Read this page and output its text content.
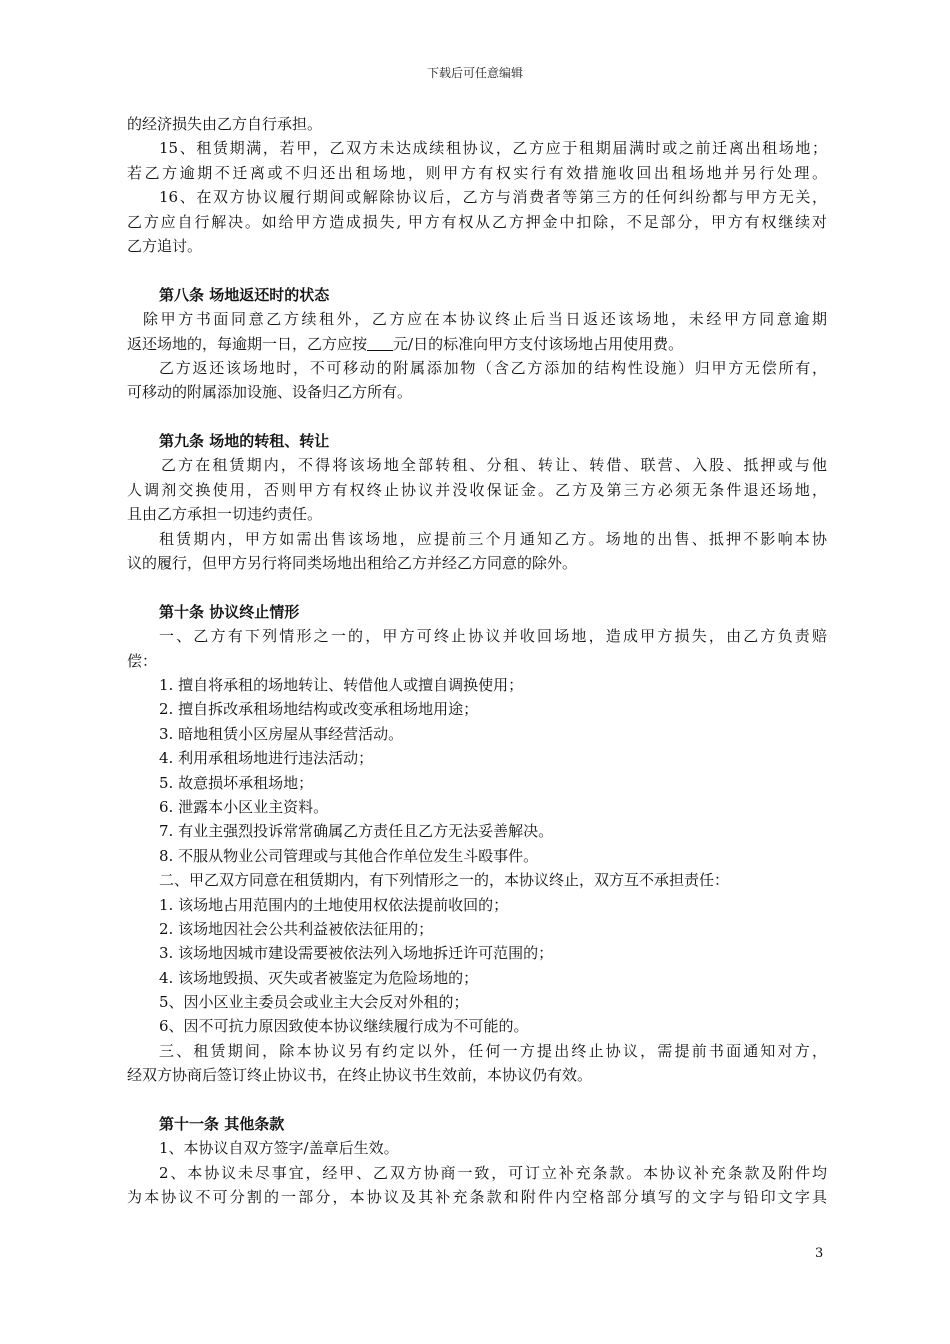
下载后可任意编辑
的经济损失由乙方自行承担。
15、租赁期满，若甲，乙双方未达成续租协议，乙方应于租期届满时或之前迁离出租场地；
若乙方逾期不迁离或不归还出租场地，则甲方有权实行有效措施收回出租场地并另行处理。
16、在双方协议履行期间或解除协议后，乙方与消费者等第三方的任何纠纷都与甲方无关，
乙方应自行解决。如给甲方造成损失, 甲方有权从乙方押金中扣除，不足部分，甲方有权继续对
乙方追讨。
第八条 场地返还时的状态
除甲方书面同意乙方续租外，乙方应在本协议终止后当日返还该场地，未经甲方同意逾期
返还场地的，每逾期一日，乙方应按 元/日的标准向甲方支付该场地占用使用费。
乙方返还该场地时，不可移动的附属添加物（含乙方添加的结构性设施）归甲方无偿所有，
可移动的附属添加设施、设备归乙方所有。
第九条 场地的转租、转让
乙方在租赁期内，不得将该场地全部转租、分租、转让、转借、联营、入股、抵押或与他
人调剂交换使用，否则甲方有权终止协议并没收保证金。乙方及第三方必须无条件退还场地，
且由乙方承担一切违约责任。
租赁期内，甲方如需出售该场地，应提前三个月通知乙方。场地的出售、抵押不影响本协
议的履行，但甲方另行将同类场地出租给乙方并经乙方同意的除外。
第十条 协议终止情形
一、乙方有下列情形之一的，甲方可终止协议并收回场地，造成甲方损失，由乙方负责赔
偿：
1. 擅自将承租的场地转让、转借他人或擅自调换使用；
2. 擅自拆改承租场地结构或改变承租场地用途；
3. 暗地租赁小区房屋从事经营活动。
4. 利用承租场地进行违法活动；
5. 故意损坏承租场地；
6. 泄露本小区业主资料。
7. 有业主强烈投诉常常确属乙方责任且乙方无法妥善解决。
8. 不服从物业公司管理或与其他合作单位发生斗殴事件。
二、甲乙双方同意在租赁期内，有下列情形之一的，本协议终止，双方互不承担责任：
1. 该场地占用范围内的土地使用权依法提前收回的；
2. 该场地因社会公共利益被依法征用的；
3. 该场地因城市建设需要被依法列入场地拆迁许可范围的；
4. 该场地毁损、灭失或者被鉴定为危险场地的；
5、因小区业主委员会或业主大会反对外租的；
6、因不可抗力原因致使本协议继续履行成为不可能的。
三、租赁期间，除本协议另有约定以外，任何一方提出终止协议，需提前书面通知对方，
经双方协商后签订终止协议书，在终止协议书生效前，本协议仍有效。
第十一条 其他条款
1、本协议自双方签字/盖章后生效。
2、本协议未尽事宜，经甲、乙双方协商一致，可订立补充条款。本协议补充条款及附件均
为本协议不可分割的一部分，本协议及其补充条款和附件内空格部分填写的文字与铅印文字具
3
